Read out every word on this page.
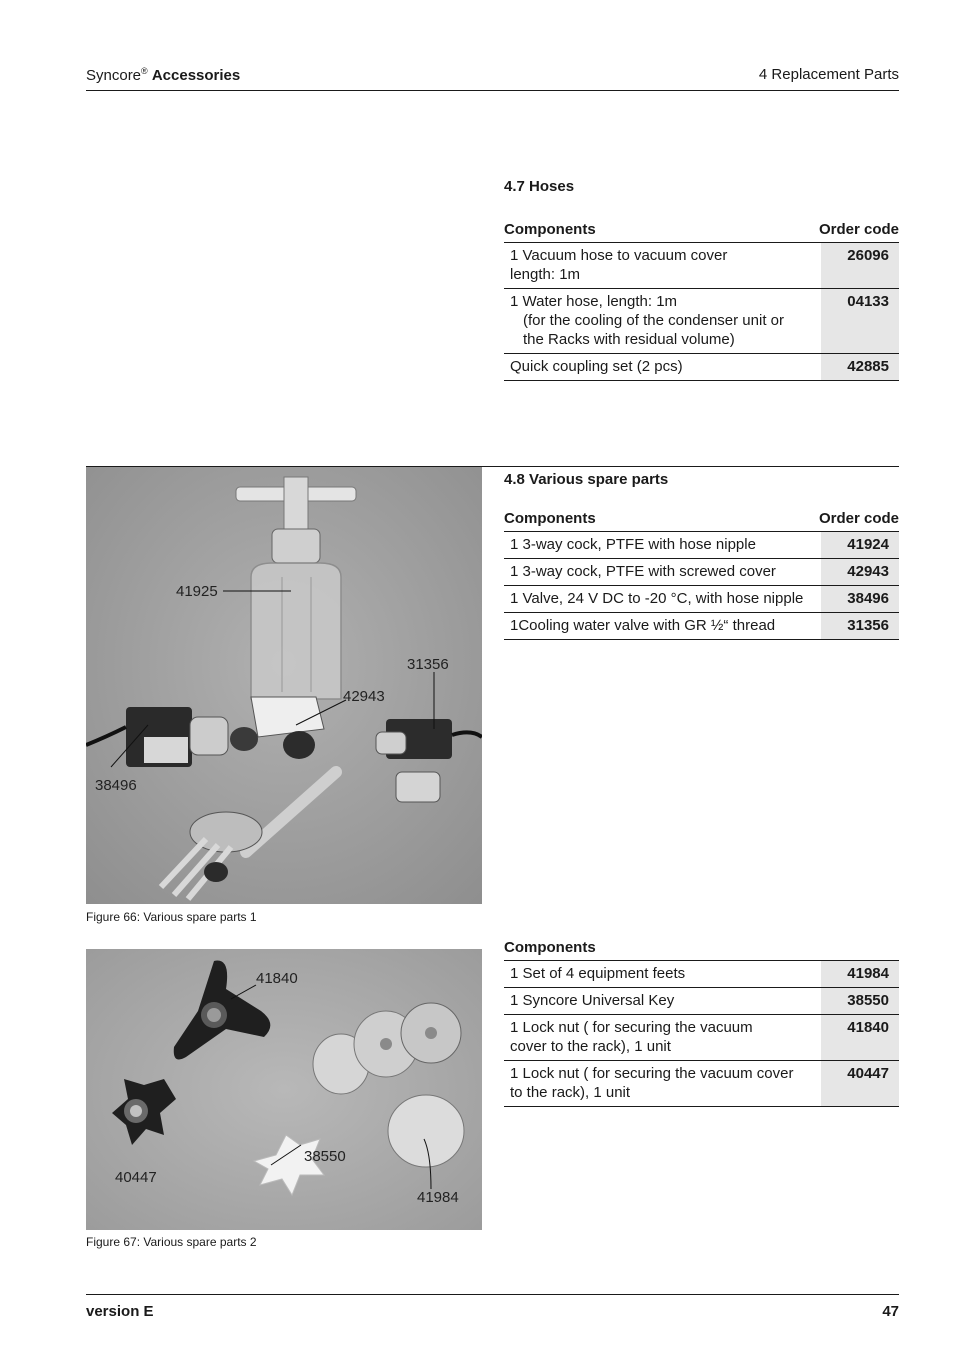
Syncore® Accessories	4 Replacement Parts
4.7 Hoses
Components	Order code
1 Vacuum hose to vacuum cover
length: 1m	26096
1 Water hose, length: 1m
(for the cooling of the condenser unit or
the Racks with residual volume)	04133
Quick coupling set (2 pcs)	42885
4.8 Various spare parts
Components	Order code
1 3-way cock, PTFE with hose nipple	41924
1 3-way cock, PTFE with screwed cover	42943
1 Valve, 24 V DC to -20 °C, with hose nipple	38496
1Cooling water valve with GR ½“ thread	31356
41925
31356
42943
38496
Figure 66: Various spare parts 1
Components
1 Set of 4 equipment feets	41984
1 Syncore Universal Key	38550
1 Lock nut ( for securing the vacuum
cover to the rack), 1 unit	41840
1 Lock nut ( for securing the vacuum cover
to the rack), 1 unit	40447
41840
40447
38550
41984
Figure 67: Various spare parts 2
version E	47
